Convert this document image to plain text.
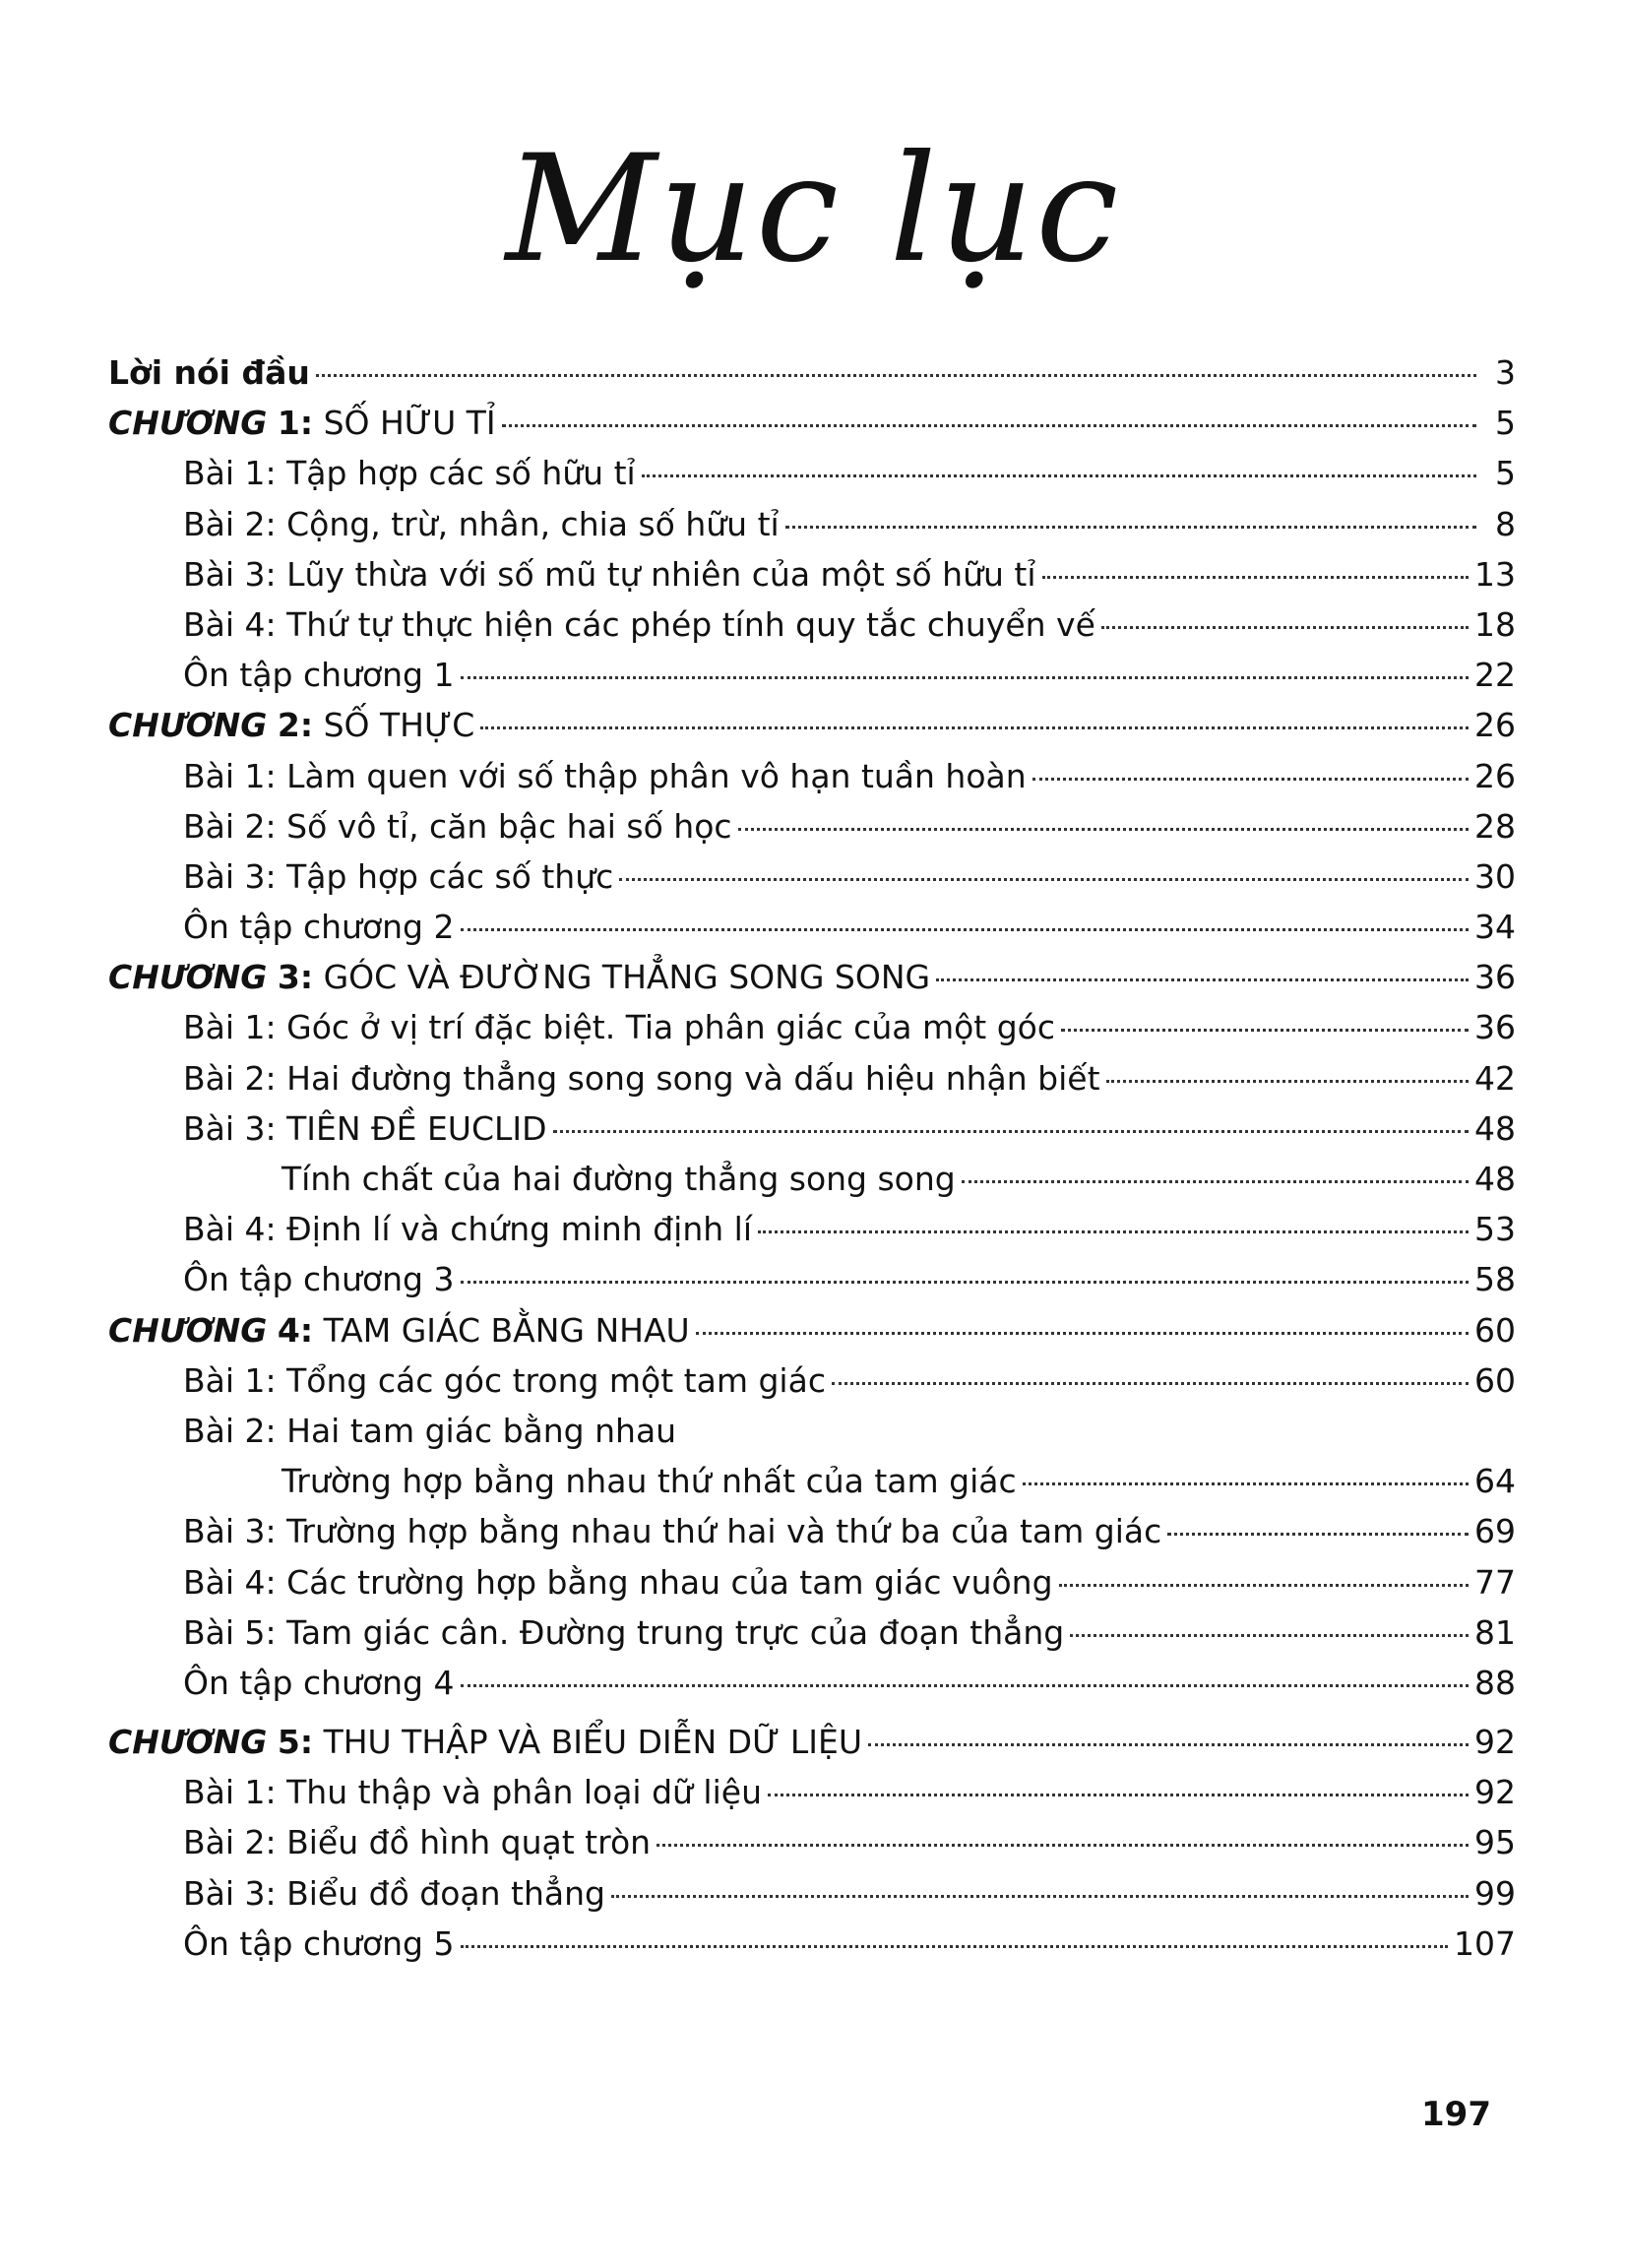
Mục lục
Lời nói đầu	3
CHƯƠNG 1: SỐ HỮU TỈ	5
Bài 1: Tập hợp các số hữu tỉ	5
Bài 2: Cộng, trừ, nhân, chia số hữu tỉ	8
Bài 3: Lũy thừa với số mũ tự nhiên của một số hữu tỉ	13
Bài 4: Thứ tự thực hiện các phép tính quy tắc chuyển vế	18
Ôn tập chương 1	22
CHƯƠNG 2: SỐ THỰC	26
Bài 1: Làm quen với số thập phân vô hạn tuần hoàn	26
Bài 2: Số vô tỉ, căn bậc hai số học	28
Bài 3: Tập hợp các số thực	30
Ôn tập chương 2	34
CHƯƠNG 3: GÓC VÀ ĐƯỜNG THẲNG SONG SONG	36
Bài 1: Góc ở vị trí đặc biệt. Tia phân giác của một góc	36
Bài 2: Hai đường thẳng song song và dấu hiệu nhận biết	42
Bài 3: TIÊN ĐỀ EUCLID	48
Tính chất của hai đường thẳng song song	48
Bài 4: Định lí và chứng minh định lí	53
Ôn tập chương 3	58
CHƯƠNG 4: TAM GIÁC BẰNG NHAU	60
Bài 1: Tổng các góc trong một tam giác	60
Bài 2: Hai tam giác bằng nhau
Trường hợp bằng nhau thứ nhất của tam giác	64
Bài 3: Trường hợp bằng nhau thứ hai và thứ ba của tam giác	69
Bài 4: Các trường hợp bằng nhau của tam giác vuông	77
Bài 5: Tam giác cân. Đường trung trực của đoạn thẳng	81
Ôn tập chương 4	88
CHƯƠNG 5: THU THẬP VÀ BIỂU DIỄN DỮ LIỆU	92
Bài 1: Thu thập và phân loại dữ liệu	92
Bài 2: Biểu đồ hình quạt tròn	95
Bài 3: Biểu đồ đoạn thẳng	99
Ôn tập chương 5	107
197
